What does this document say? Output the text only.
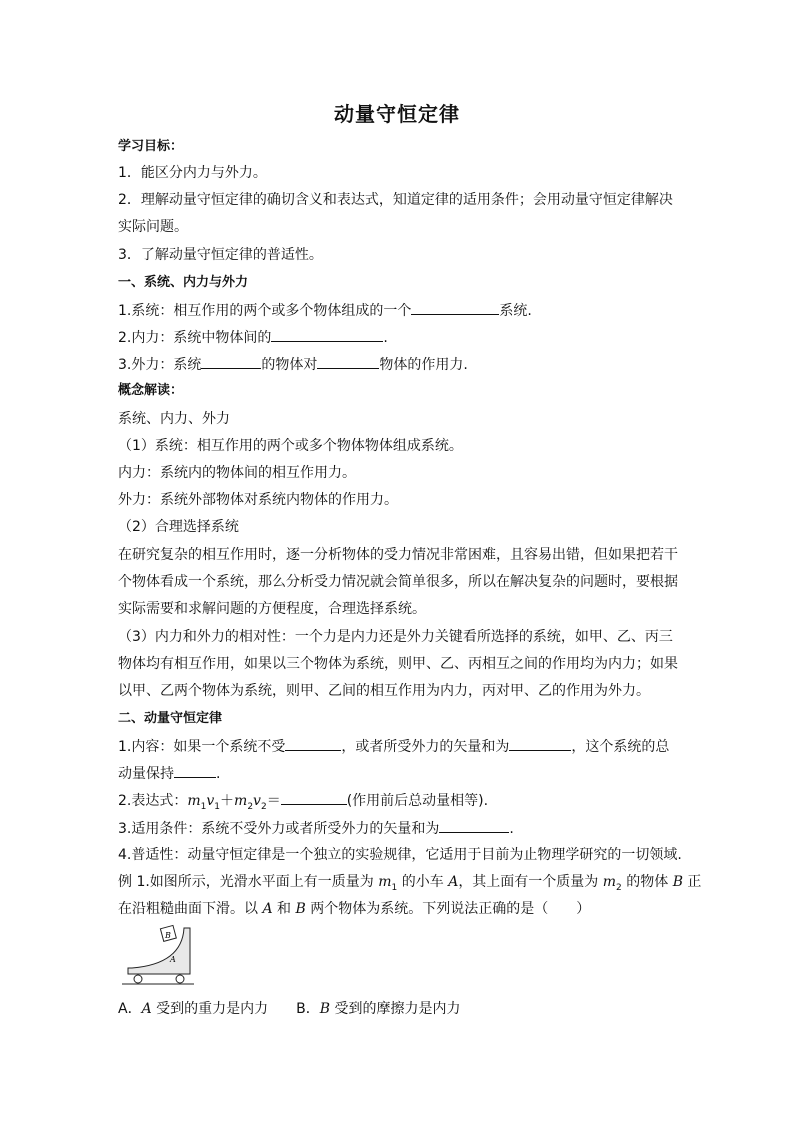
动量守恒定律
学习目标：
1．能区分内力与外力。
2．理解动量守恒定律的确切含义和表达式，知道定律的适用条件；会用动量守恒定律解决
实际问题。
3．了解动量守恒定律的普适性。
一、系统、内力与外力
1.系统：相互作用的两个或多个物体组成的一个	系统.
2.内力：系统中物体间的	.
3.外力：系统	的物体对	物体的作用力.
概念解读：
系统、内力、外力
（1）系统：相互作用的两个或多个物体物体组成系统。
内力：系统内的物体间的相互作用力。
外力：系统外部物体对系统内物体的作用力。
（2）合理选择系统
在研究复杂的相互作用时，逐一分析物体的受力情况非常困难，且容易出错，但如果把若干
个物体看成一个系统，那么分析受力情况就会简单很多，所以在解决复杂的问题时，要根据
实际需要和求解问题的方便程度，合理选择系统。
（3）内力和外力的相对性：一个力是内力还是外力关键看所选择的系统，如甲、乙、丙三
物体均有相互作用，如果以三个物体为系统，则甲、乙、丙相互之间的作用均为内力；如果
以甲、乙两个物体为系统，则甲、乙间的相互作用为内力，丙对甲、乙的作用为外力。
二、动量守恒定律
1.内容：如果一个系统不受	，或者所受外力的矢量和为	，这个系统的总
动量保持	.
2.表达式：$m_1v_1+m_2v_2=$	(作用前后总动量相等).
3.适用条件：系统不受外力或者所受外力的矢量和为	.
4.普适性：动量守恒定律是一个独立的实验规律，它适用于目前为止物理学研究的一切领域.
例 1.如图所示，光滑水平面上有一质量为 $m_1$ 的小车 A，其上面有一个质量为 $m_2$ 的物体 B 正
在沿粗糙曲面下滑。以 A 和 B 两个物体为系统。下列说法正确的是（　　）
B
A
A．A 受到的重力是内力 B．B 受到的摩擦力是内力
